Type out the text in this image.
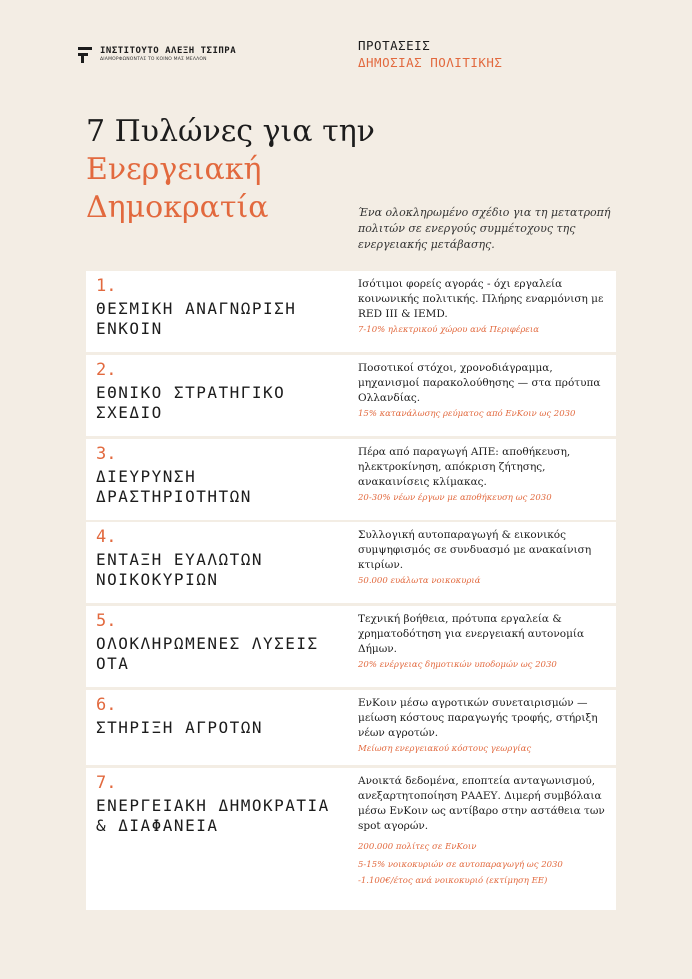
ΙΝΣΤΙΤΟΥΤΟ ΑΛΕΞΗ ΤΣΙΠΡΑ
ΔΙΑΜΟΡΦΩΝΟΝΤΑΣ ΤΟ ΚΟΙΝΟ ΜΑΣ ΜΕΛΛΟΝ
ΠΡΟΤΑΣΕΙΣ
ΔΗΜΟΣΙΑΣ ΠΟΛΙΤΙΚΗΣ
7 Πυλώνες για την
Ενεργειακή
Δημοκρατία	Ένα ολοκληρωμένο σχέδιο για τη μετατροπή πολιτών σε ενεργούς συμμέτοχους της ενεργειακής μετάβασης.
1.
ΘΕΣΜΙΚΗ ΑΝΑΓΝΩΡΙΣΗ ΕΝΚΟΙΝ
Ισότιμοι φορείς αγοράς - όχι εργαλεία κοινωνικής πολιτικής. Πλήρης εναρμόνιση με RED III & IEMD.
7-10% ηλεκτρικού χώρου ανά Περιφέρεια
2.
ΕΘΝΙΚΟ ΣΤΡΑΤΗΓΙΚΟ ΣΧΕΔΙΟ
Ποσοτικοί στόχοι, χρονοδιάγραμμα, μηχανισμοί παρακολούθησης — στα πρότυπα Ολλανδίας.
15% κατανάλωσης ρεύματος από ΕνΚοιν ως 2030
3.
ΔΙΕΥΡΥΝΣΗ ΔΡΑΣΤΗΡΙΟΤΗΤΩΝ
Πέρα από παραγωγή ΑΠΕ: αποθήκευση, ηλεκτροκίνηση, απόκριση ζήτησης, ανακαινίσεις κλίμακας.
20-30% νέων έργων με αποθήκευση ως 2030
4.
ΕΝΤΑΞΗ ΕΥΑΛΩΤΩΝ ΝΟΙΚΟΚΥΡΙΩΝ
Συλλογική αυτοπαραγωγή & εικονικός συμψηφισμός σε συνδυασμό με ανακαίνιση κτιρίων.
50.000 ευάλωτα νοικοκυριά
5.
ΟΛΟΚΛΗΡΩΜΕΝΕΣ ΛΥΣΕΙΣ ΟΤΑ
Τεχνική βοήθεια, πρότυπα εργαλεία & χρηματοδότηση για ενεργειακή αυτονομία Δήμων.
20% ενέργειας δημοτικών υποδομών ως 2030
6.
ΣΤΗΡΙΞΗ ΑΓΡΟΤΩΝ
ΕνΚοιν μέσω αγροτικών συνεταιρισμών — μείωση κόστους παραγωγής τροφής, στήριξη νέων αγροτών.
Μείωση ενεργειακού κόστους γεωργίας
7.
ΕΝΕΡΓΕΙΑΚΗ ΔΗΜΟΚΡΑΤΙΑ & ΔΙΑΦΑΝΕΙΑ
Ανοικτά δεδομένα, εποπτεία ανταγωνισμού, ανεξαρτητοποίηση ΡΑΑΕΥ. Διμερή συμβόλαια μέσω ΕνΚοιν ως αντίβαρο στην αστάθεια των spot αγορών.
200.000 πολίτες σε ΕνΚοιν
5-15% νοικοκυριών σε αυτοπαραγωγή ως 2030
-1.100€/έτος ανά νοικοκυριό (εκτίμηση ΕΕ)
